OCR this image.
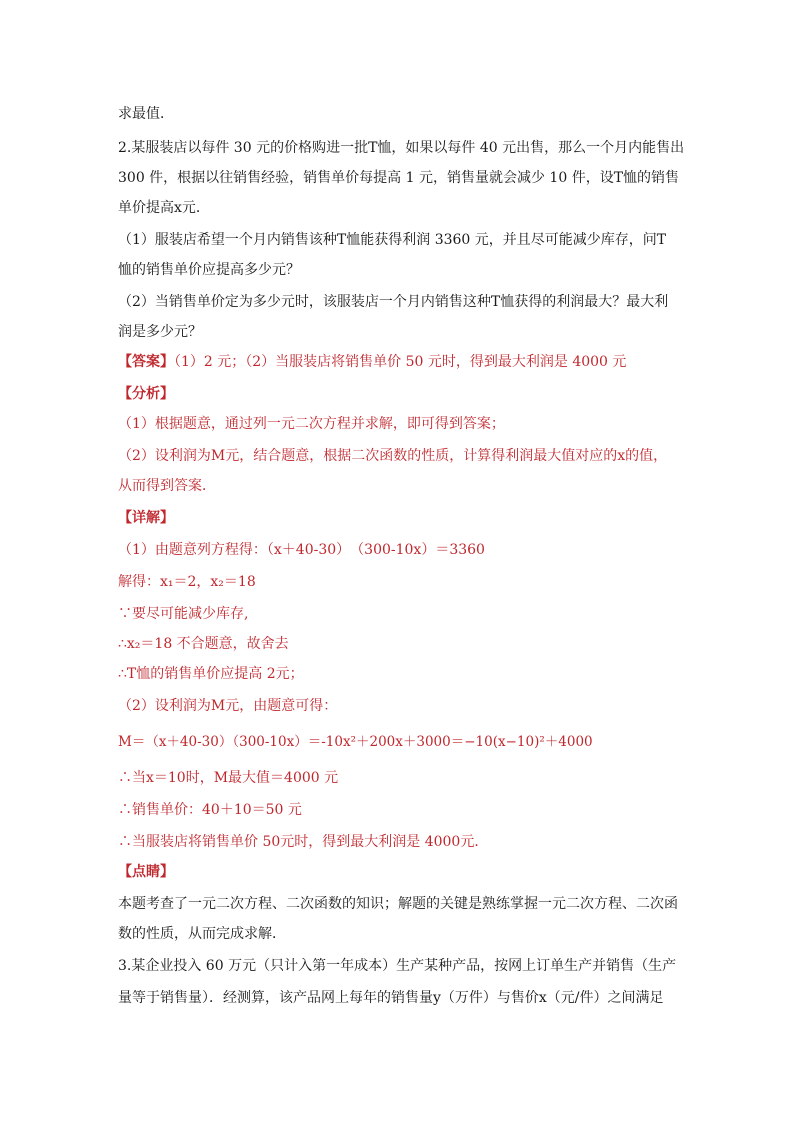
求最值．
2.某服装店以每件 30 元的价格购进一批T恤，如果以每件 40 元出售，那么一个月内能售出
300 件，根据以往销售经验，销售单价每提高 1 元，销售量就会减少 10 件，设T恤的销售
单价提高x元．
（1）服装店希望一个月内销售该种T恤能获得利润 3360 元，并且尽可能减少库存，问T
恤的销售单价应提高多少元？
（2）当销售单价定为多少元时，该服装店一个月内销售这种T恤获得的利润最大？最大利
润是多少元？
【答案】（1）2 元；（2）当服装店将销售单价 50 元时，得到最大利润是 4000 元
【分析】
（1）根据题意，通过列一元二次方程并求解，即可得到答案；
（2）设利润为M元，结合题意，根据二次函数的性质，计算得利润最大值对应的x的值，
从而得到答案．
【详解】
（1）由题意列方程得：（x＋40-30）　（300-10x）＝3360
解得：x₁＝2，x₂＝18
∵要尽可能减少库存,
∴x₂＝18 不合题意，故舍去
∴T恤的销售单价应提高 2元；
（2）设利润为M元，由题意可得：
M＝（x＋40-30）（300-10x）＝-10x²＋200x＋3000＝−10(x−10)²＋4000
∴当x＝10时，M最大值＝4000 元
∴销售单价：40＋10＝50 元
∴当服装店将销售单价 50元时，得到最大利润是 4000元．
【点睛】
本题考查了一元二次方程、二次函数的知识；解题的关键是熟练掌握一元二次方程、二次函
数的性质，从而完成求解．
3.某企业投入 60 万元（只计入第一年成本）生产某种产品，按网上订单生产并销售（生产
量等于销售量）．经测算，该产品网上每年的销售量y（万件）与售价x（元/件）之间满足
